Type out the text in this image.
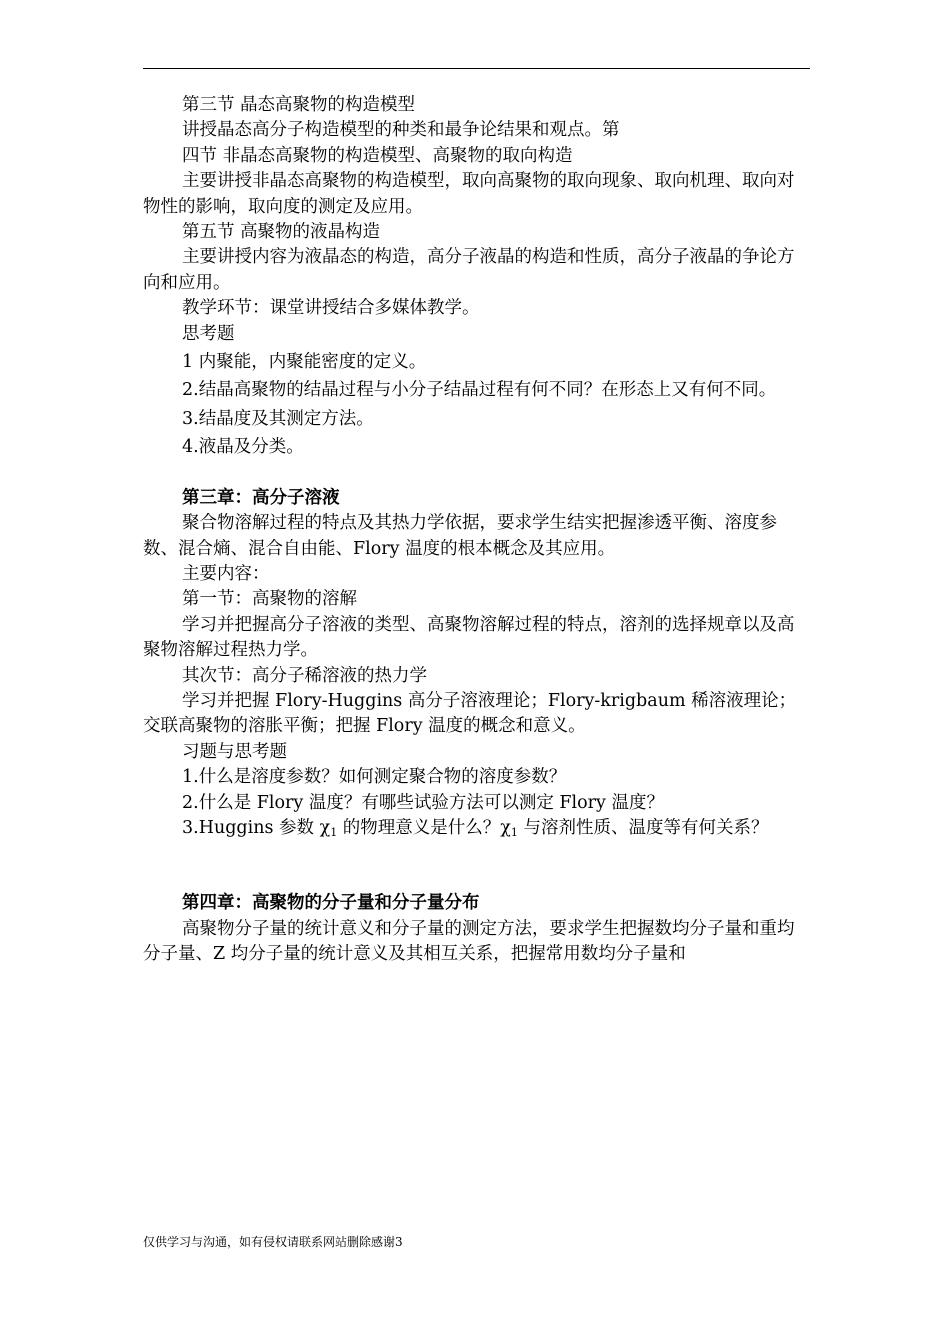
第三节 晶态高聚物的构造模型

讲授晶态高分子构造模型的种类和最争论结果和观点。第

四节 非晶态高聚物的构造模型、高聚物的取向构造

主要讲授非晶态高聚物的构造模型，取向高聚物的取向现象、取向机理、取向对物性的影响，取向度的测定及应用。

第五节 高聚物的液晶构造

主要讲授内容为液晶态的构造，高分子液晶的构造和性质，高分子液晶的争论方向和应用。

教学环节：课堂讲授结合多媒体教学。

思考题

1 内聚能，内聚能密度的定义。

2.结晶高聚物的结晶过程与小分子结晶过程有何不同？在形态上又有何不同。

3.结晶度及其测定方法。

4.液晶及分类。

第三章：高分子溶液

聚合物溶解过程的特点及其热力学依据，要求学生结实把握渗透平衡、溶度参数、混合熵、混合自由能、Flory 温度的根本概念及其应用。

主要内容：

第一节：高聚物的溶解

学习并把握高分子溶液的类型、高聚物溶解过程的特点，溶剂的选择规章以及高聚物溶解过程热力学。

其次节：高分子稀溶液的热力学

学习并把握 Flory-Huggins 高分子溶液理论；Flory-krigbaum 稀溶液理论； 交联高聚物的溶胀平衡；把握 Flory 温度的概念和意义。

习题与思考题

1.什么是溶度参数？如何测定聚合物的溶度参数？

2.什么是 Flory 温度？有哪些试验方法可以测定 Flory 温度？

3.Huggins 参数 $\chi_1$ 的物理意义是什么？$\chi_1$ 与溶剂性质、温度等有何关系？

第四章：高聚物的分子量和分子量分布

高聚物分子量的统计意义和分子量的测定方法，要求学生把握数均分子量和重均分子量、Z 均分子量的统计意义及其相互关系，把握常用数均分子量和

仅供学习与沟通，如有侵权请联系网站删除感谢3
